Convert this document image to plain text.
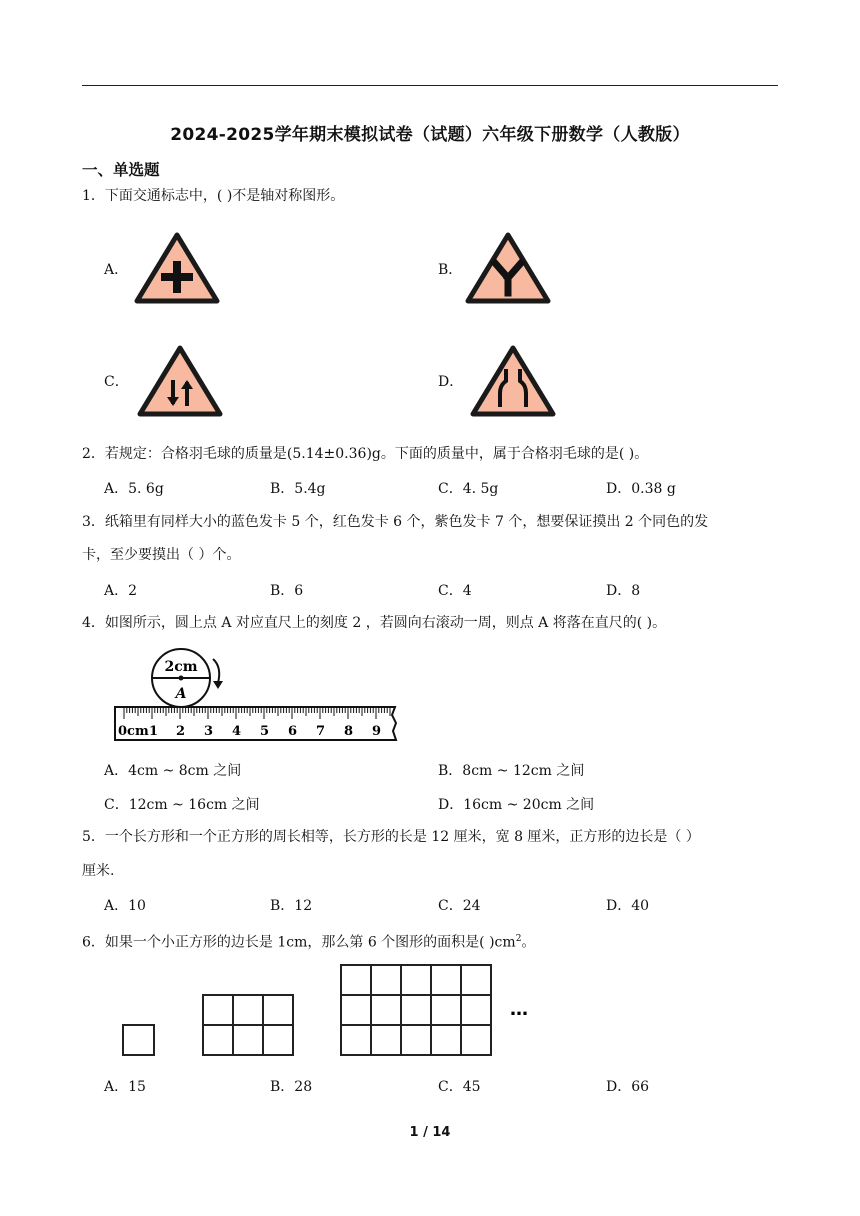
2024-2025学年期末模拟试卷（试题）六年级下册数学（人教版）
一、单选题
1．下面交通标志中，( )不是轴对称图形。
A．	B．
C．	D．
2．若规定：合格羽毛球的质量是(5.14±0.36)g。下面的质量中，属于合格羽毛球的是( )。
A．5. 6g	B．5.4g	C．4. 5g	D．0.38 g
3．纸箱里有同样大小的蓝色发卡 5 个，红色发卡 6 个，紫色发卡 7 个，想要保证摸出 2 个同色的发
卡，至少要摸出（ ）个。
A．2	B．6	C．4	D．8
4．如图所示，圆上点 A 对应直尺上的刻度 2 ，若圆向右滚动一周，则点 A 将落在直尺的( )。
2cm
A
0cm 1 2 3 4 5 6 7 8 9
A．4cm ~ 8cm 之间	B．8cm ~ 12cm 之间
C．12cm ~ 16cm 之间	D．16cm ~ 20cm 之间
5．一个长方形和一个正方形的周长相等，长方形的长是 12 厘米，宽 8 厘米，正方形的边长是（ ）
厘米.
A．10	B．12	C．24	D．40
6．如果一个小正方形的边长是 1cm，那么第 6 个图形的面积是( )$cm^2$。
…
A．15	B．28	C．45	D．66
1 / 14
